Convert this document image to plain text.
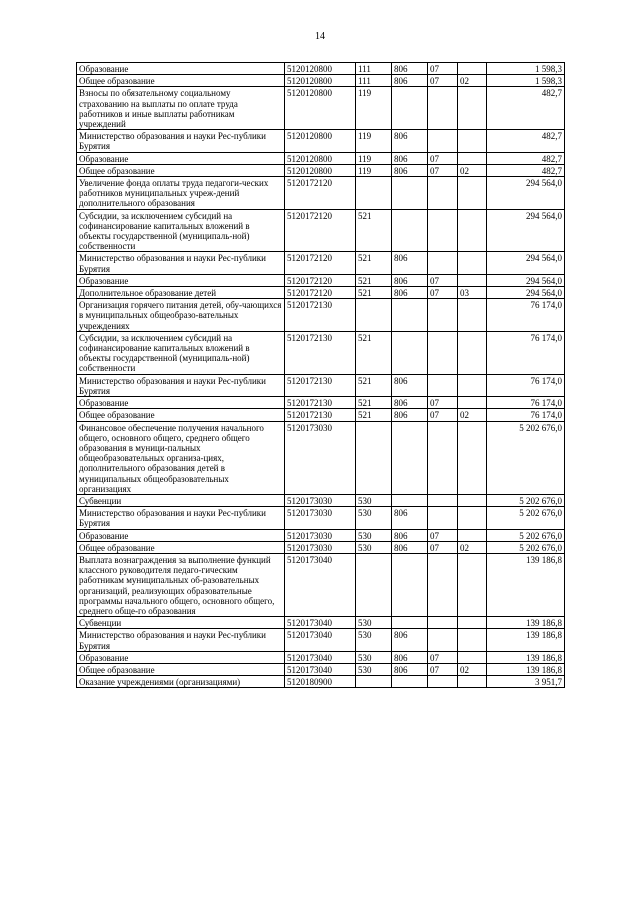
14
Образование	5120120800	111	806	07		1 598,3
Общее образование	5120120800	111	806	07	02	1 598,3
Взносы по обязательному социальному страхованию на выплаты по оплате труда работников и иные выплаты работникам учреждений	5120120800	119				482,7
Министерство образования и науки Рес-публики Бурятия	5120120800	119	806			482,7
Образование	5120120800	119	806	07		482,7
Общее образование	5120120800	119	806	07	02	482,7
Увеличение фонда оплаты труда педагоги-ческих работников муниципальных учреж-дений дополнительного образования	5120172120					294 564,0
Субсидии, за исключением субсидий на софинансирование капитальных вложений в объекты государственной (муниципаль-ной) собственности	5120172120	521				294 564,0
Министерство образования и науки Рес-публики Бурятия	5120172120	521	806			294 564,0
Образование	5120172120	521	806	07		294 564,0
Дополнительное образование детей	5120172120	521	806	07	03	294 564,0
Организация горячего питания детей, обу-чающихся в муниципальных общеобразо-вательных учреждениях	5120172130					76 174,0
Субсидии, за исключением субсидий на софинансирование капитальных вложений в объекты государственной (муниципаль-ной) собственности	5120172130	521				76 174,0
Министерство образования и науки Рес-публики Бурятия	5120172130	521	806			76 174,0
Образование	5120172130	521	806	07		76 174,0
Общее образование	5120172130	521	806	07	02	76 174,0
Финансовое обеспечение получения начального общего, основного общего, среднего общего образования в муници-пальных общеобразовательных организа-циях, дополнительного образования детей в муниципальных общеобразовательных организациях	5120173030					5 202 676,0
Субвенции	5120173030	530				5 202 676,0
Министерство образования и науки Рес-публики Бурятия	5120173030	530	806			5 202 676,0
Образование	5120173030	530	806	07		5 202 676,0
Общее образование	5120173030	530	806	07	02	5 202 676,0
Выплата вознаграждения за выполнение функций классного руководителя педаго-гическим работникам муниципальных об-разовательных организаций, реализующих образовательные программы начального общего, основного общего, среднего обще-го образования	5120173040					139 186,8
Субвенции	5120173040	530				139 186,8
Министерство образования и науки Рес-публики Бурятия	5120173040	530	806			139 186,8
Образование	5120173040	530	806	07		139 186,8
Общее образование	5120173040	530	806	07	02	139 186,8
Оказание учреждениями (организациями)	5120180900					3 951,7
